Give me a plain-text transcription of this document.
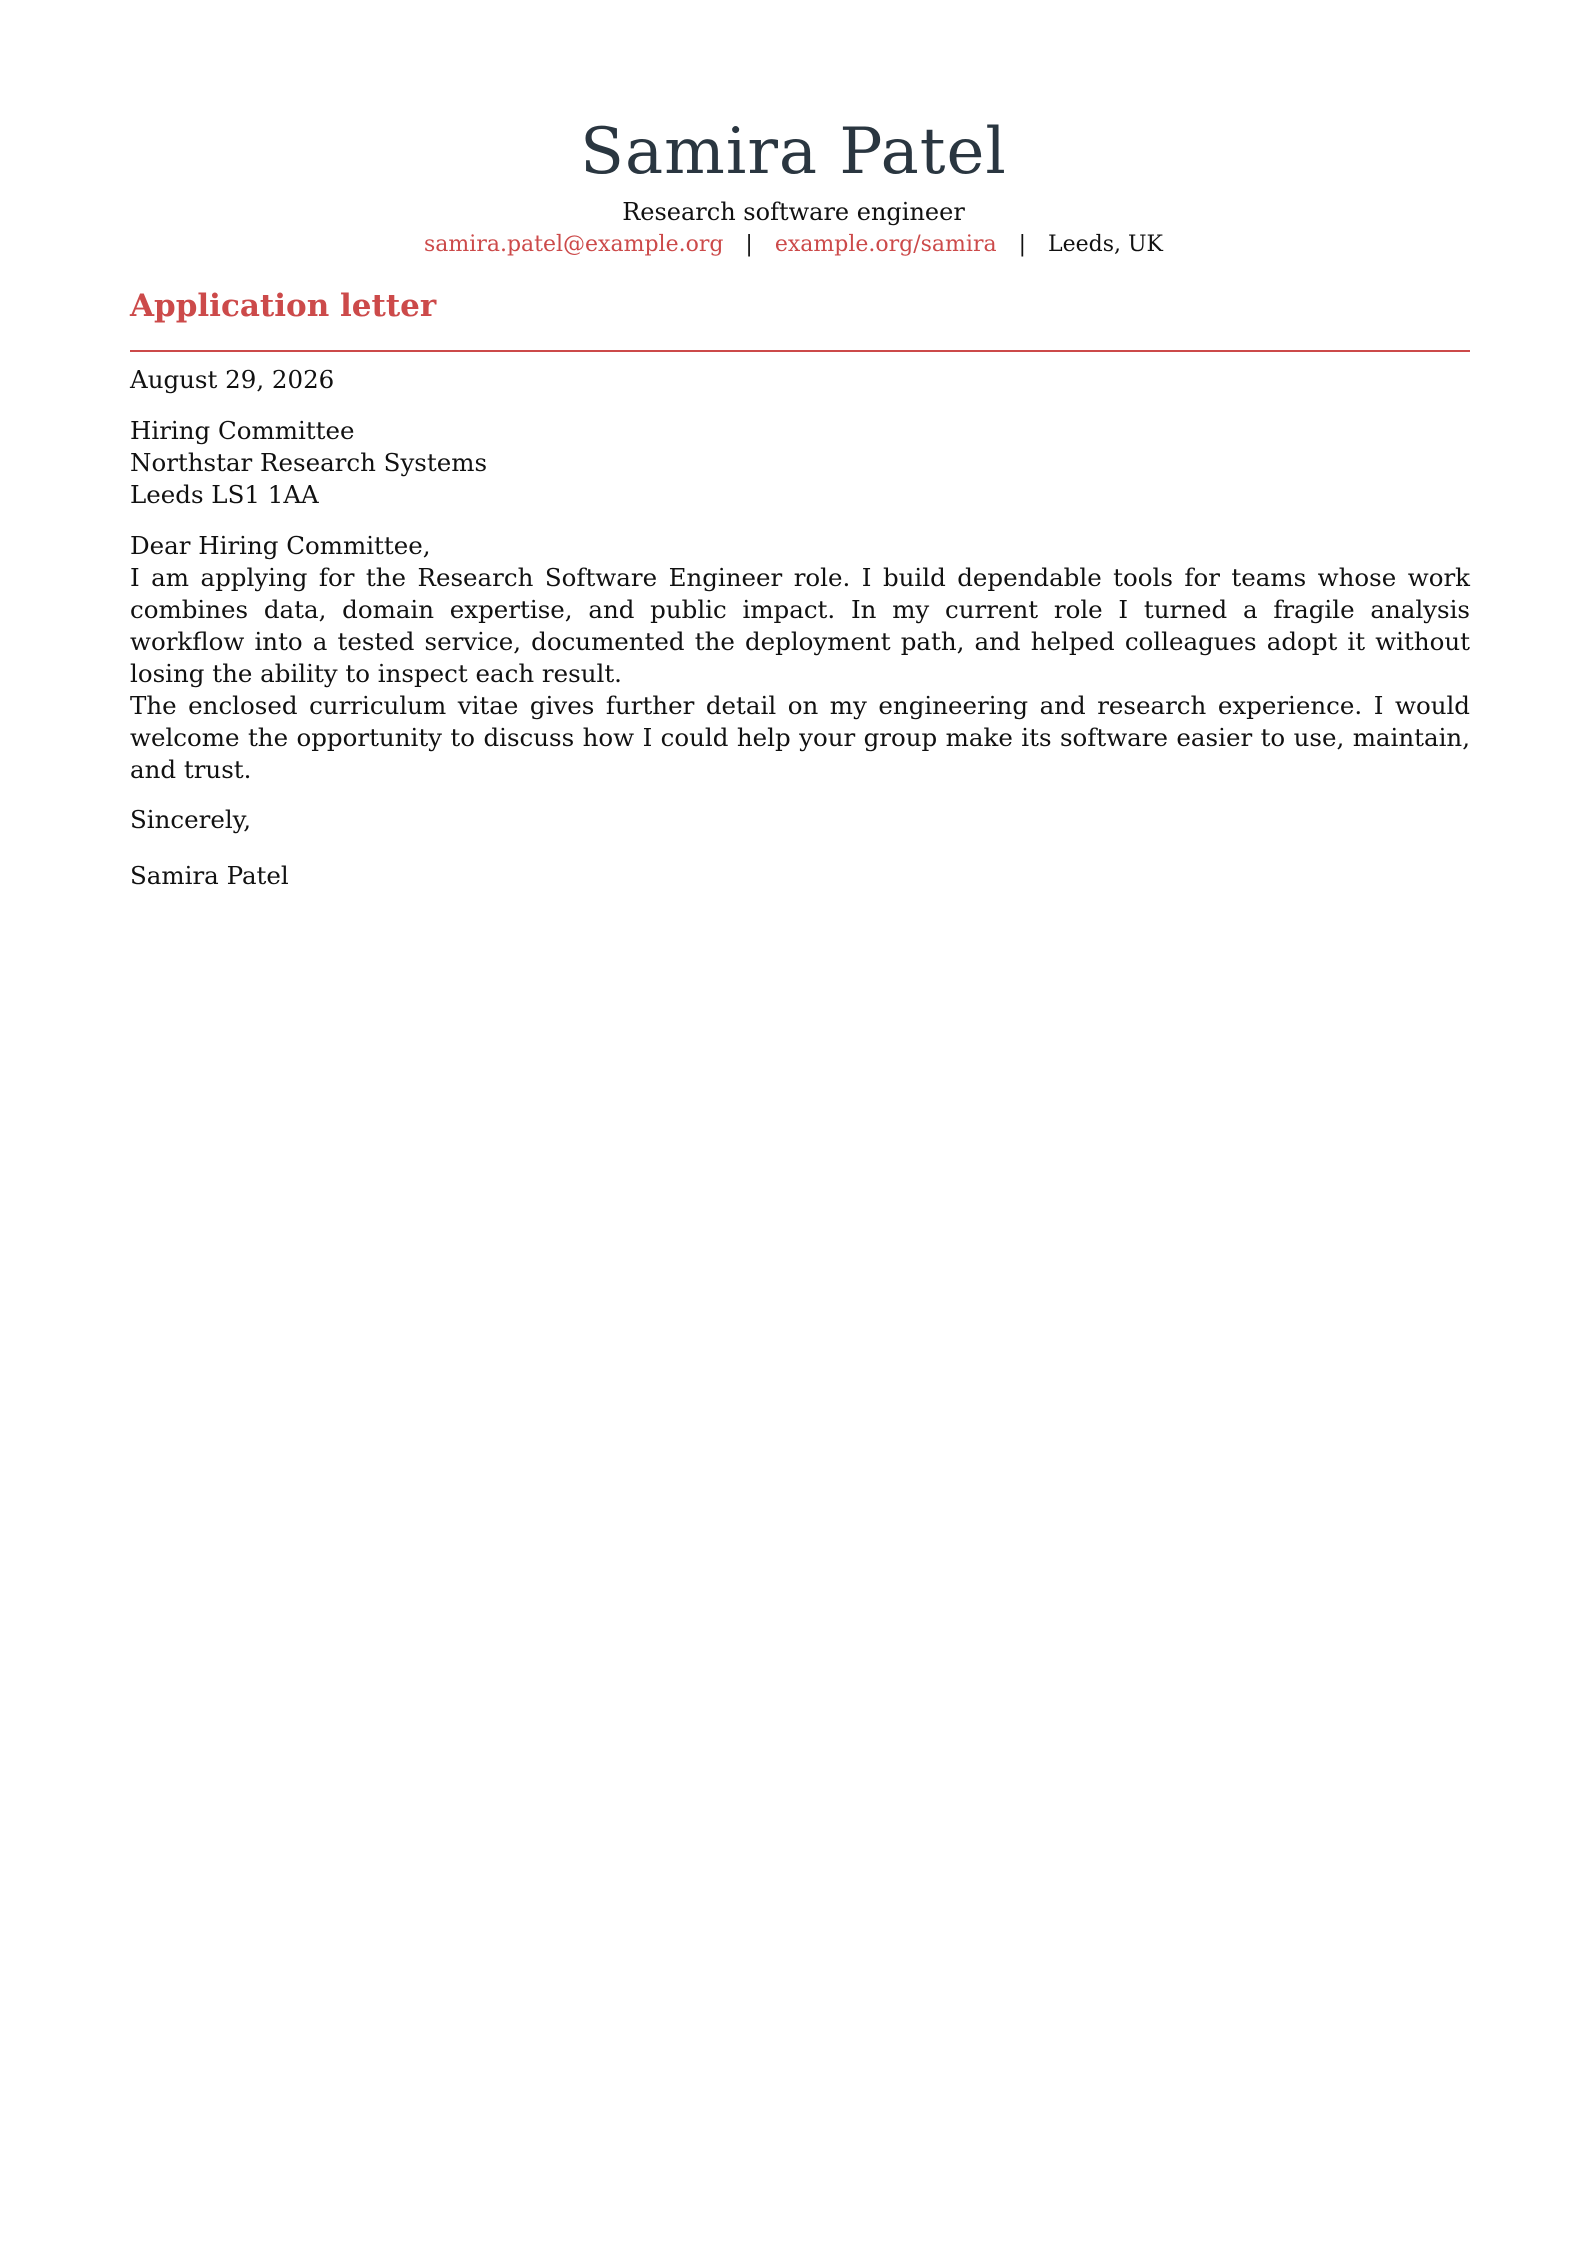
Samira Patel
Research software engineer
samira.patel@example.org | example.org/samira | Leeds, UK
Application letter

August 29, 2026

Hiring Committee

Northstar Research Systems

Leeds LS1 1AA

Dear Hiring Committee,

I am applying for the Research Software Engineer role. I build dependable tools for teams whose work combines data, domain expertise, and public impact. In my current role I turned a fragile analysis workflow into a tested service, documented the deployment path, and helped colleagues adopt it without losing the ability to inspect each result.

The enclosed curriculum vitae gives further detail on my engineering and research experience. I would welcome the opportunity to discuss how I could help your group make its software easier to use, maintain, and trust.

Sincerely,

Samira Patel
